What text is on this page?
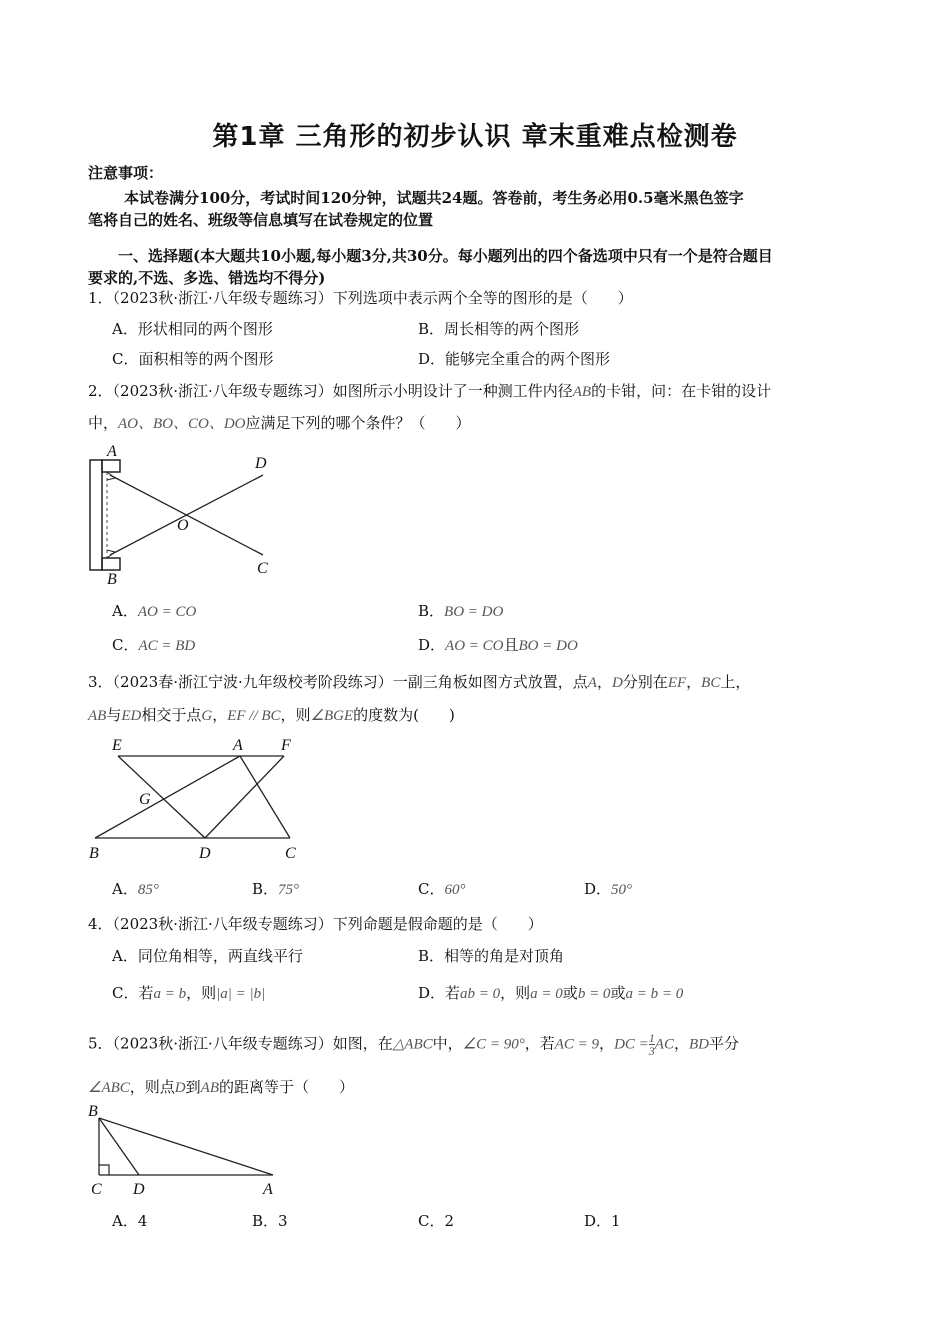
第1章 三角形的初步认识 章末重难点检测卷
注意事项：
本试卷满分100分，考试时间120分钟，试题共24题。答卷前，考生务必用0.5毫米黑色签字
笔将自己的姓名、班级等信息填写在试卷规定的位置
一、选择题(本大题共10小题,每小题3分,共30分。每小题列出的四个备选项中只有一个是符合题目
要求的,不选、多选、错选均不得分)
1．（2023秋·浙江·八年级专题练习）下列选项中表示两个全等的图形的是（　　）
A．形状相同的两个图形	B．周长相等的两个图形
C．面积相等的两个图形	D．能够完全重合的两个图形
2．（2023秋·浙江·八年级专题练习）如图所示小明设计了一种测工件内径AB的卡钳，问：在卡钳的设计
中，AO、BO、CO、DO应满足下列的哪个条件？（　　）
A
B
D
C
O
A．AO = CO	B．BO = DO
C．AC = BD	D．AO = CO且BO = DO
3．（2023春·浙江宁波·九年级校考阶段练习）一副三角板如图方式放置，点A，D分别在EF，BC上，
AB与ED相交于点G，EF // BC，则∠BGE的度数为(　　)
E	A F
G
B	D	C
A．85°	B．75°	C．60°	D．50°
4．（2023秋·浙江·八年级专题练习）下列命题是假命题的是（　　）
A．同位角相等，两直线平行	B．相等的角是对顶角
C．若a = b，则|a| = |b|	D．若ab = 0，则a = 0或b = 0或a = b = 0
5．（2023秋·浙江·八年级专题练习）如图，在△ABC中，∠C = 90°，若AC = 9，DC = $\frac{1}{3}$ AC，BD平分
∠ABC，则点D到AB的距离等于（　　）
B
C D	A
A．4	B．3	C．2	D．1
